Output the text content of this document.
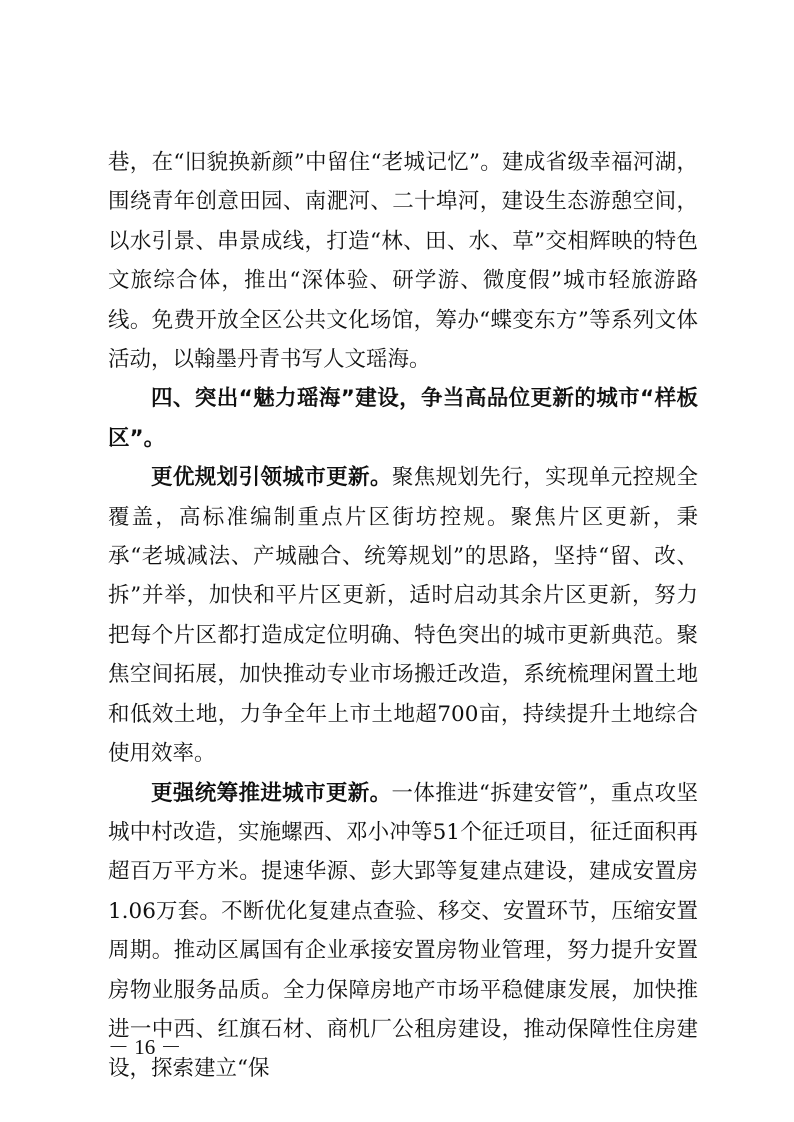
巷，在“旧貌换新颜”中留住“老城记忆”。建成省级幸福河湖，围绕青年创意田园、南淝河、二十埠河，建设生态游憩空间，以水引景、串景成线，打造“林、田、水、草”交相辉映的特色文旅综合体，推出“深体验、研学游、微度假”城市轻旅游路线。免费开放全区公共文化场馆，筹办“蝶变东方”等系列文体活动，以翰墨丹青书写人文瑶海。

四、突出“魅力瑶海”建设，争当高品位更新的城市“样板区”。

更优规划引领城市更新。聚焦规划先行，实现单元控规全覆盖，高标准编制重点片区街坊控规。聚焦片区更新，秉承“老城减法、产城融合、统筹规划”的思路，坚持“留、改、拆”并举，加快和平片区更新，适时启动其余片区更新，努力把每个片区都打造成定位明确、特色突出的城市更新典范。聚焦空间拓展，加快推动专业市场搬迁改造，系统梳理闲置土地和低效土地，力争全年上市土地超700亩，持续提升土地综合使用效率。

更强统筹推进城市更新。一体推进“拆建安管”，重点攻坚城中村改造，实施螺西、邓小冲等51个征迁项目，征迁面积再超百万平方米。提速华源、彭大郢等复建点建设，建成安置房1.06万套。不断优化复建点查验、移交、安置环节，压缩安置周期。推动区属国有企业承接安置房物业管理，努力提升安置房物业服务品质。全力保障房地产市场平稳健康发展，加快推进一中西、红旗石材、商机厂公租房建设，推动保障性住房建设，探索建立“保

－ 16 －
